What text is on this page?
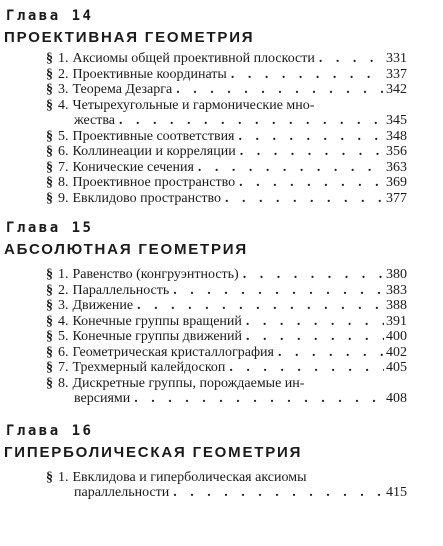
Глава 14
ПРОЕКТИВНАЯ ГЕОМЕТРИЯ
§ 1. Аксиомы общей проективной плоскости . . .	331
§ 2. Проективные координаты . . .	337
§ 3. Теорема Дезарга . . .	342
§ 4. Четырехугольные и гармонические мно-
жества . . .	345
§ 5. Проективные соответствия . . .	348
§ 6. Коллинеации и корреляции . . .	356
§ 7. Конические сечения . . .	363
§ 8. Проективное пространство . . .	369
§ 9. Евклидово пространство . . .	377
Глава 15
АБСОЛЮТНАЯ ГЕОМЕТРИЯ
§ 1. Равенство (конгруэнтность) . . .	380
§ 2. Параллельность . . .	383
§ 3. Движение . . .	388
§ 4. Конечные группы вращений . . .	391
§ 5. Конечные группы движений . . .	400
§ 6. Геометрическая кристаллография . . .	402
§ 7. Трехмерный калейдоскоп . . .	405
§ 8. Дискретные группы, порождаемые ин-
версиями . . .	408
Глава 16
ГИПЕРБОЛИЧЕСКАЯ ГЕОМЕТРИЯ
§ 1. Евклидова и гиперболическая аксиомы
параллельности . . .	415
